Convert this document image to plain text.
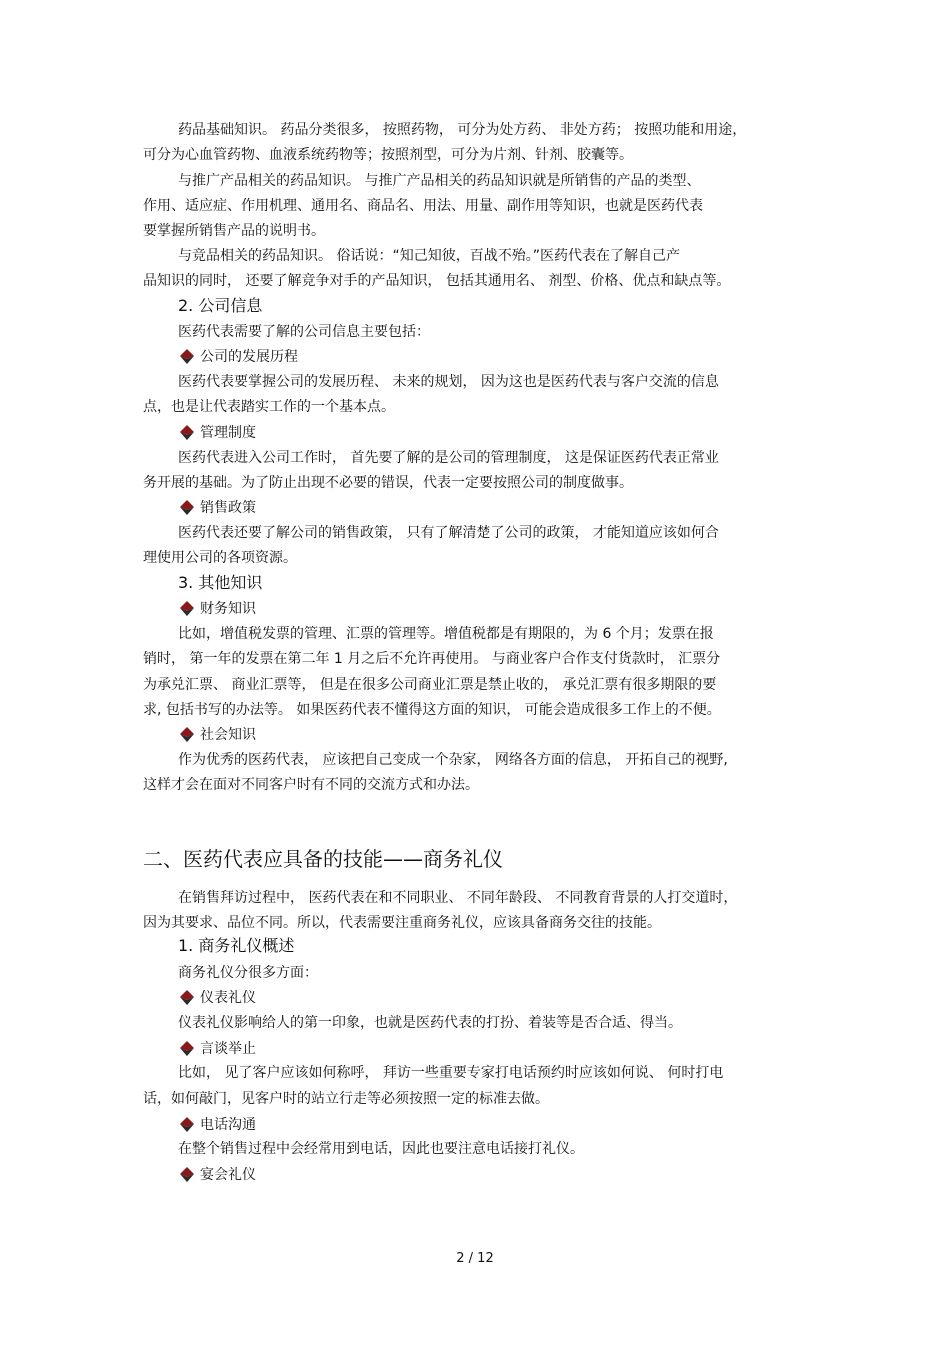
药品基础知识。 药品分类很多， 按照药物， 可分为处方药、 非处方药； 按照功能和用途，
可分为心血管药物、血液系统药物等；按照剂型，可分为片剂、针剂、胶囊等。
与推广产品相关的药品知识。 与推广产品相关的药品知识就是所销售的产品的类型、
作用、适应症、作用机理、通用名、商品名、用法、用量、副作用等知识，也就是医药代表
要掌握所销售产品的说明书。
与竞品相关的药品知识。 俗话说：“知己知彼，百战不殆。”医药代表在了解自己产
品知识的同时， 还要了解竞争对手的产品知识， 包括其通用名、 剂型、价格、优点和缺点等。
2. 公司信息
医药代表需要了解的公司信息主要包括：
公司的发展历程
医药代表要掌握公司的发展历程、 未来的规划， 因为这也是医药代表与客户交流的信息
点，也是让代表踏实工作的一个基本点。
管理制度
医药代表进入公司工作时， 首先要了解的是公司的管理制度， 这是保证医药代表正常业
务开展的基础。为了防止出现不必要的错误，代表一定要按照公司的制度做事。
销售政策
医药代表还要了解公司的销售政策， 只有了解清楚了公司的政策， 才能知道应该如何合
理使用公司的各项资源。
3. 其他知识
财务知识
比如，增值税发票的管理、汇票的管理等。增值税都是有期限的，为 6 个月；发票在报
销时， 第一年的发票在第二年 1 月之后不允许再使用。 与商业客户合作支付货款时， 汇票分
为承兑汇票、 商业汇票等， 但是在很多公司商业汇票是禁止收的， 承兑汇票有很多期限的要
求, 包括书写的办法等。 如果医药代表不懂得这方面的知识， 可能会造成很多工作上的不便。
社会知识
作为优秀的医药代表， 应该把自己变成一个杂家， 网络各方面的信息， 开拓自己的视野,
这样才会在面对不同客户时有不同的交流方式和办法。
二、医药代表应具备的技能——商务礼仪
在销售拜访过程中， 医药代表在和不同职业、 不同年龄段、 不同教育背景的人打交道时，
因为其要求、品位不同。所以，代表需要注重商务礼仪，应该具备商务交往的技能。
1. 商务礼仪概述
商务礼仪分很多方面：
仪表礼仪
仪表礼仪影响给人的第一印象，也就是医药代表的打扮、着装等是否合适、得当。
言谈举止
比如， 见了客户应该如何称呼， 拜访一些重要专家打电话预约时应该如何说、 何时打电
话，如何敲门，见客户时的站立行走等必须按照一定的标准去做。
电话沟通
在整个销售过程中会经常用到电话，因此也要注意电话接打礼仪。
宴会礼仪
2 / 12
